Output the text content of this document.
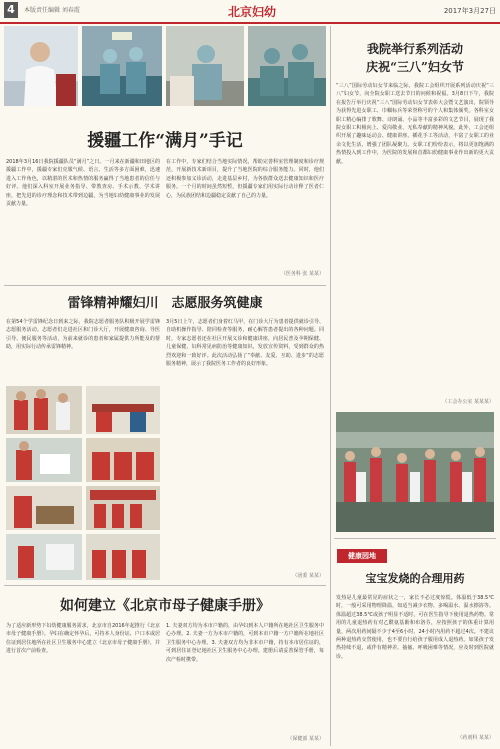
4	本版责任编辑 刘春霞	北京妇幼	2017年3月27日
援疆工作“满月”手记
2018年3月16日我院援疆队员“满月”之日。一月来在新疆和田地区的援疆工作中，援疆专家们克服气候、语言、生活等多方面困难，迅速进入工作角色，以精湛的医术和热情的服务赢得了当地患者的信任与好评。他们深入科室开展业务指导、带教查房、手术示教、学术讲座，把先进的诊疗理念和技术带到边疆，为当地妇幼健康事业的发展贡献力量。
在工作中，专家们结合当地实际情况，帮助完善科室管理制度和诊疗规范，开展新技术新项目，提升了当地医院的综合服务能力。同时，他们还积极参加义诊活动，走进基层乡村，为各族群众送去健康知识和医疗服务。一个月的时间虽然短暂，但援疆专家们用实际行动诠释了医者仁心，为民族团结和边疆稳定贡献了自己的力量。
（医务科 张 某某）
雷锋精神耀妇川　志愿服务筑健康
在第54个学雷锋纪念日到来之际，我院志愿者服务队积极开展学雷锋志愿服务活动。志愿者们走进社区和门诊大厅，开展健康咨询、导医引导、便民服务等活动，为前来就诊的患者和家属提供力所能及的帮助，用实际行动传承雷锋精神。
3月5日上午，志愿者们身着红马甲，在门诊大厅为患者提供就诊引导、自助机操作指导、陪同检查等服务，耐心解答患者提出的各种问题。同时，专家志愿者还在社区开展义诊和健康讲座，向居民普及孕期保健、儿童保健、妇科常见病防治等健康知识，发放宣传资料，受到群众的热烈欢迎和一致好评。此次活动弘扬了“奉献、友爱、互助、进步”的志愿服务精神，展示了我院医务工作者的良好形象。
（团委 某某）
如何建立《北京市母子健康手册》
为了适应新形势下妇幼健康服务需求，北京市自2016年起推行《北京市母子健康手册》。孕妇在确定怀孕后，可持本人身份证、户口本或居住证到居住地所在社区卫生服务中心建立《北京市母子健康手册》，并进行首次产前检查。
1. 夫妻双方均为本市户籍的，由孕妇到本人户籍所在地社区卫生服务中心办理。2. 夫妻一方为本市户籍的，可到本市户籍一方户籍所在地社区卫生服务中心办理。3. 夫妻双方均为非本市户籍，持有本市居住证的，可到居住证登记地社区卫生服务中心办理。建册后请妥善保管手册，每次产检时携带。
（保健部 某某）
我院举行系列活动
庆祝“三八”妇女节
“三八”国际劳动妇女节来临之际，我院工会组织开展系列活动庆祝“三八”妇女节，向全院女职工送去节日的问候和祝福。3月8日下午，我院在报告厅举行庆祝“三八”国际劳动妇女节表彰大会暨文艺演出，院领导为获得先进女职工、巾帼标兵等荣誉称号的个人和集体颁奖。各科室女职工精心编排了歌舞、诗朗诵、小品等丰富多彩的文艺节目，展现了我院女职工积极向上、爱岗敬业、无私奉献的精神风貌。此外，工会还组织开展了趣味运动会、健康讲座、插花手工等活动，丰富了女职工的业余文化生活，增强了团队凝聚力。女职工们纷纷表示，将以更加饱满的热情投入到工作中，为医院的发展和首都妇幼健康事业作出新的更大贡献。
（工会办公室 某某某）
健康园地
宝宝发烧的合理用药
发热是儿童最常见的症状之一，家长不必过度惊慌。体温低于38.5℃时，一般可采用物理降温，如适当减少衣物、多喝温水、温水擦浴等。体温超过38.5℃或孩子明显不适时，可在医生指导下使用退热药物。常用的儿童退热药有对乙酰氨基酚和布洛芬，应按照孩子的体重计算用量，两次用药间隔不少于4至6小时，24小时内用药不超过4次。不建议两种退热药交替使用，也不要自行给孩子服用成人退热药。如果孩子发热持续不退，或伴有精神差、抽搐、呼吸困难等情况，应及时到医院就诊。
（药剂科 某某）
